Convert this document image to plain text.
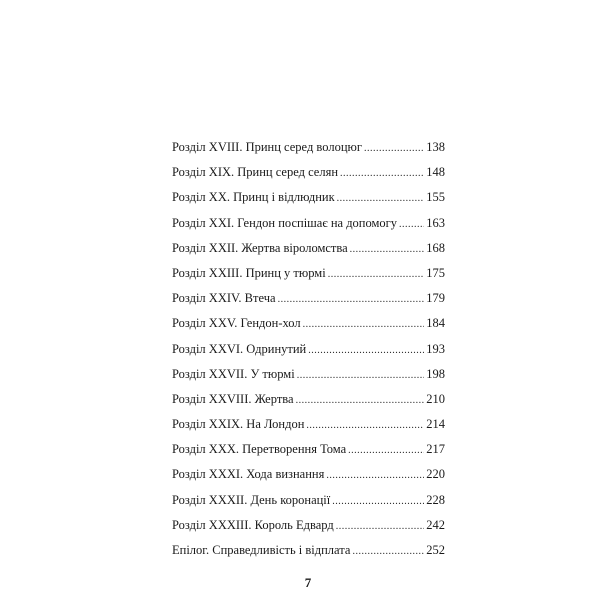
Розділ XVIII. Принц серед волоцюг .....	138
Розділ XIX. Принц серед селян .....	148
Розділ XX. Принц і відлюдник .....	155
Розділ XXI. Гендон поспішає на допомогу ..... 163
Розділ XXII. Жертва віроломства .....	168
Розділ XXIII. Принц у тюрмі .....	175
Розділ XXIV. Втеча .....	179
Розділ XXV. Гендон-хол .....	184
Розділ XXVI. Одринутий .....	193
Розділ XXVII. У тюрмі .....	198
Розділ XXVIII. Жертва .....	210
Розділ XXIX. На Лондон .....	214
Розділ XXX. Перетворення Тома .....	217
Розділ XXXI. Хода визнання .....	220
Розділ XXXII. День коронації .....	228
Розділ XXXIII. Король Едвард .....	242
Епілог. Справедливість і відплата .....	252
7
